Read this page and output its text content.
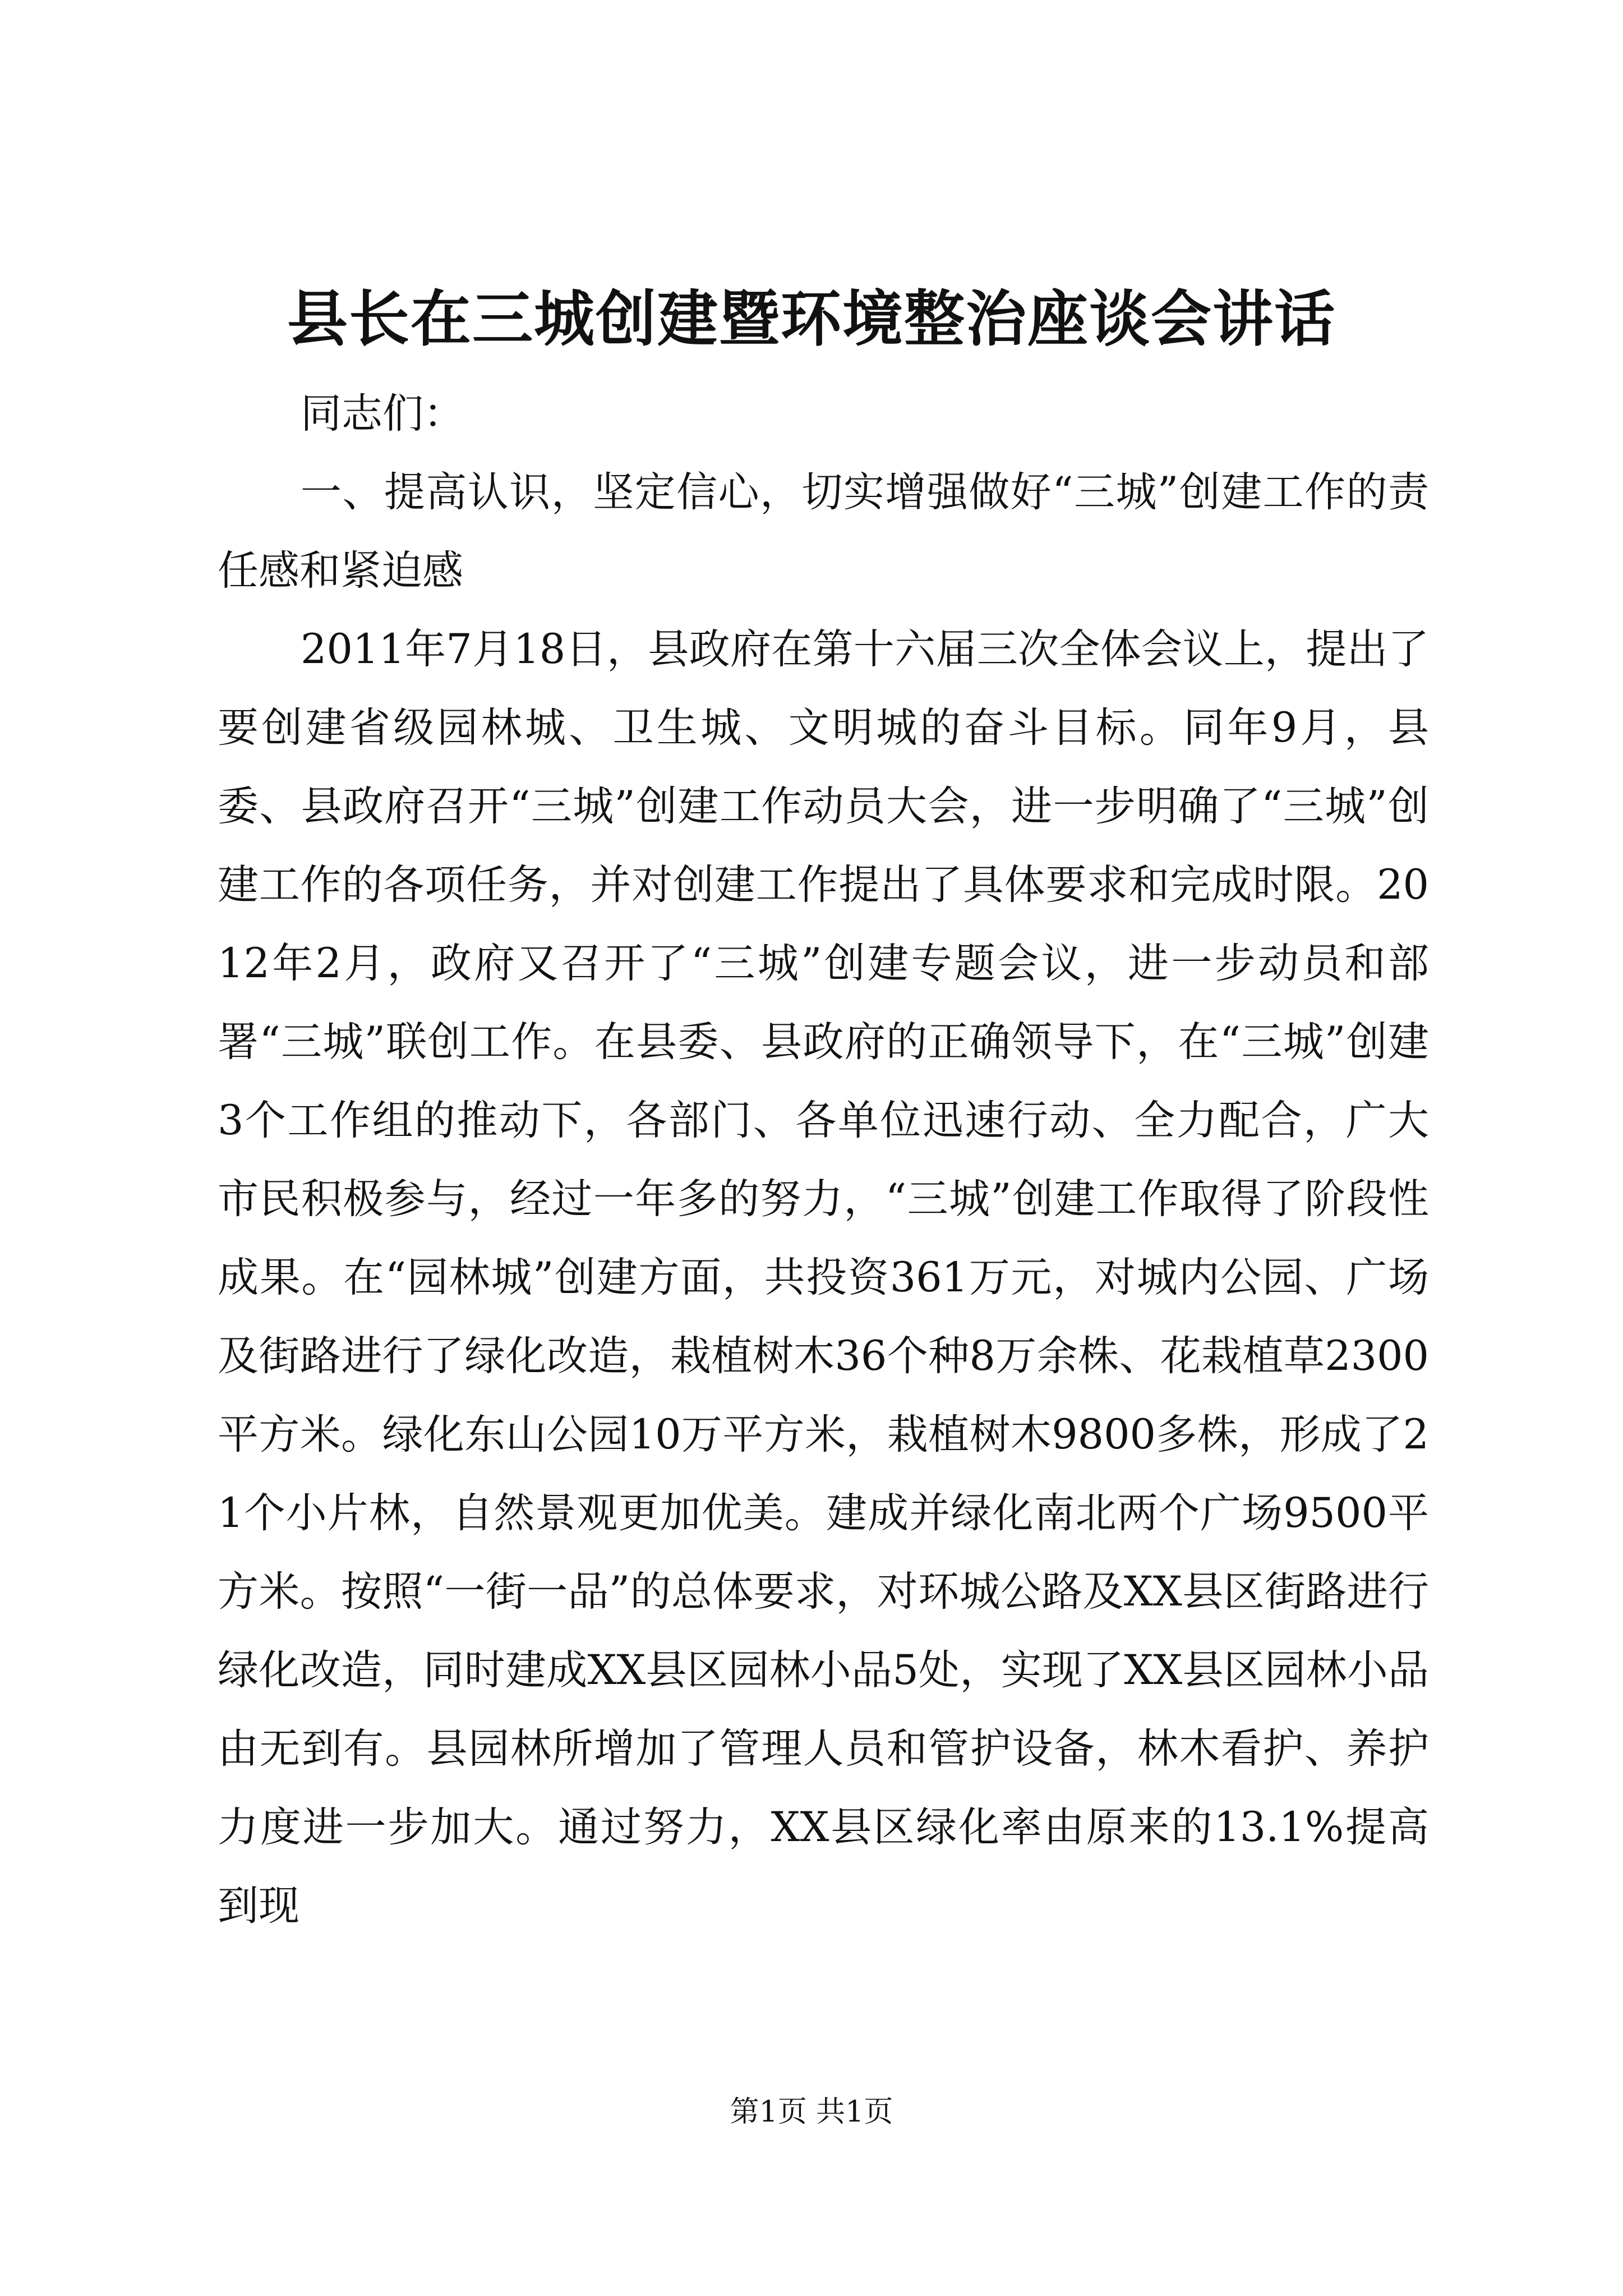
县长在三城创建暨环境整治座谈会讲话

同志们：

一、提高认识，坚定信心，切实增强做好“三城”创建工作的责任感和紧迫感

2011年7月18日，县政府在第十六届三次全体会议上，提出了要创建省级园林城、卫生城、文明城的奋斗目标。同年9月，县委、县政府召开“三城”创建工作动员大会，进一步明确了“三城”创建工作的各项任务，并对创建工作提出了具体要求和完成时限。2012年2月，政府又召开了“三城”创建专题会议，进一步动员和部署“三城”联创工作。在县委、县政府的正确领导下，在“三城”创建3个工作组的推动下，各部门、各单位迅速行动、全力配合，广大市民积极参与，经过一年多的努力，“三城”创建工作取得了阶段性成果。在“园林城”创建方面，共投资361万元，对城内公园、广场及街路进行了绿化改造，栽植树木36个种8万余株、花栽植草2300平方米。绿化东山公园10万平方米，栽植树木9800多株，形成了21个小片林，自然景观更加优美。建成并绿化南北两个广场9500平方米。按照“一街一品”的总体要求，对环城公路及XX县区街路进行绿化改造，同时建成XX县区园林小品5处，实现了XX县区园林小品由无到有。县园林所增加了管理人员和管护设备，林木看护、养护力度进一步加大。通过努力，XX县区绿化率由原来的13.1%提高到现

第1页 共1页
